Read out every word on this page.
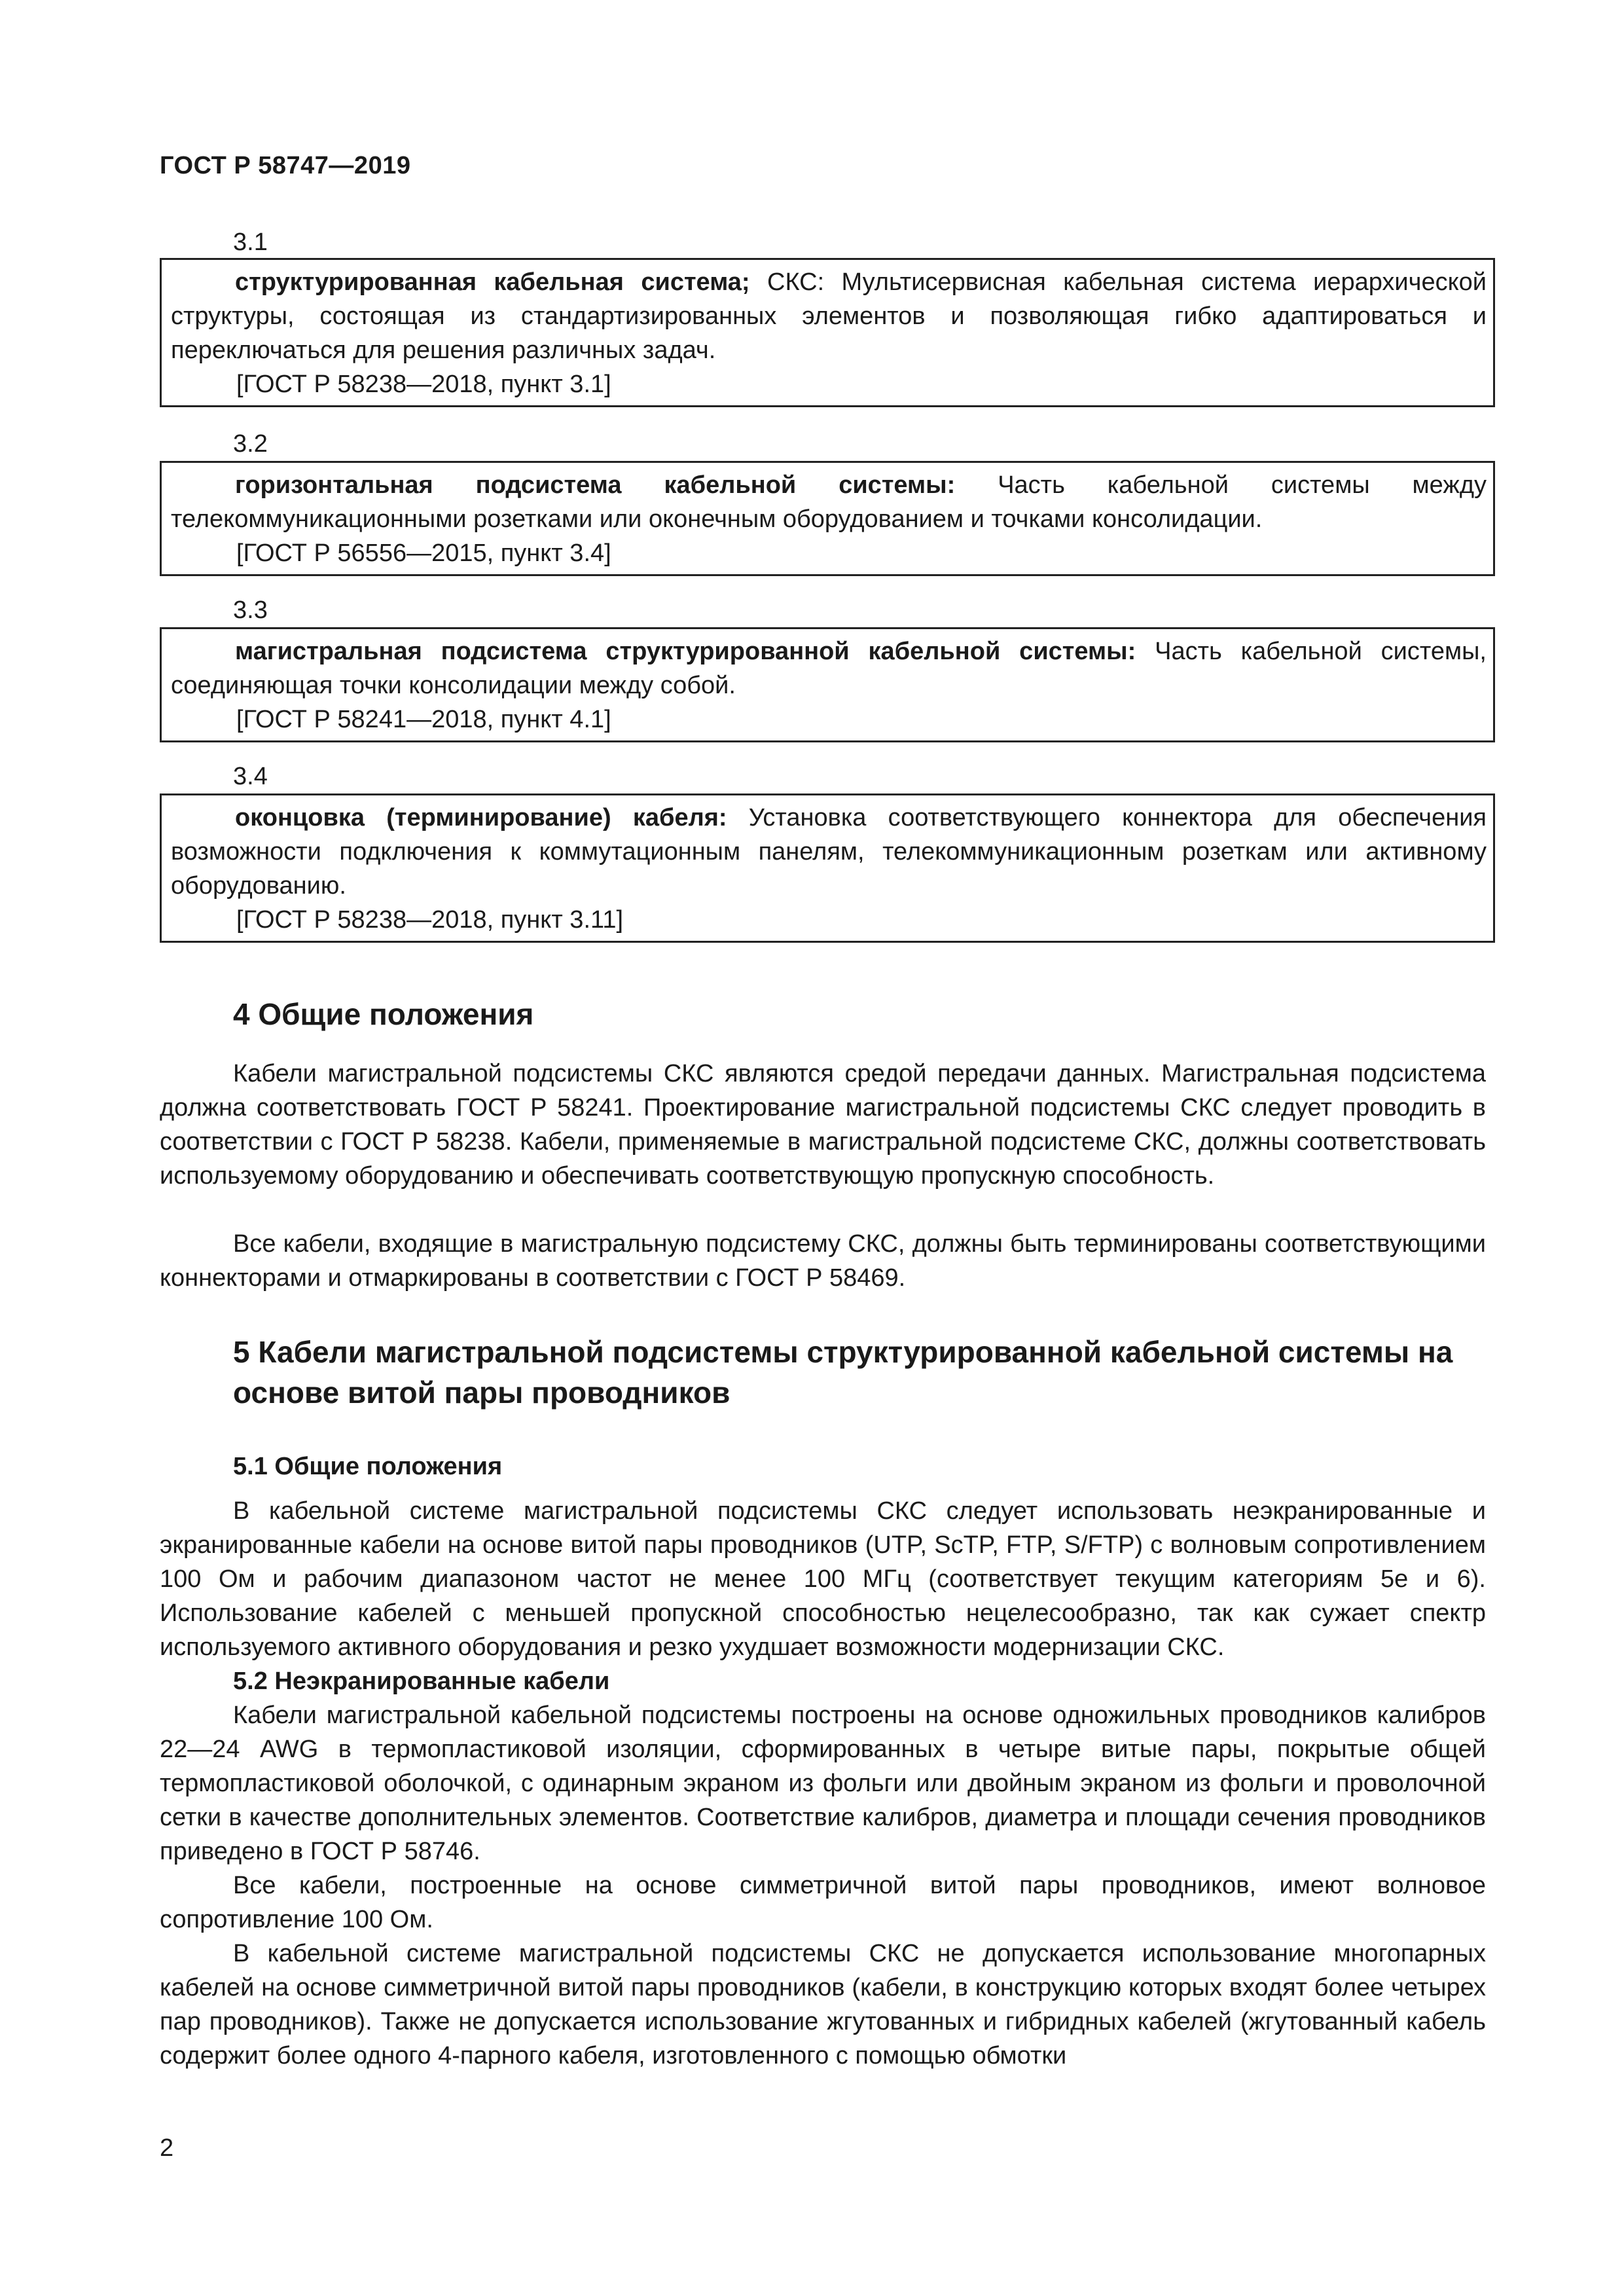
ГОСТ Р 58747—2019
3.1
структурированная кабельная система; СКС: Мультисервисная кабельная система иерархической структуры, состоящая из стандартизированных элементов и позволяющая гибко адаптироваться и переключаться для решения различных задач.
[ГОСТ Р 58238—2018, пункт 3.1]
3.2
горизонтальная подсистема кабельной системы: Часть кабельной системы между телекоммуникационными розетками или оконечным оборудованием и точками консолидации.
[ГОСТ Р 56556—2015, пункт 3.4]
3.3
магистральная подсистема структурированной кабельной системы: Часть кабельной системы, соединяющая точки консолидации между собой.
[ГОСТ Р 58241—2018, пункт 4.1]
3.4
оконцовка (терминирование) кабеля: Установка соответствующего коннектора для обеспечения возможности подключения к коммутационным панелям, телекоммуникационным розеткам или активному оборудованию.
[ГОСТ Р 58238—2018, пункт 3.11]
4 Общие положения
Кабели магистральной подсистемы СКС являются средой передачи данных. Магистральная подсистема должна соответствовать ГОСТ Р 58241. Проектирование магистральной подсистемы СКС следует проводить в соответствии с ГОСТ Р 58238. Кабели, применяемые в магистральной подсистеме СКС, должны соответствовать используемому оборудованию и обеспечивать соответствующую пропускную способность.
Все кабели, входящие в магистральную подсистему СКС, должны быть терминированы соответствующими коннекторами и отмаркированы в соответствии с ГОСТ Р 58469.
5 Кабели магистральной подсистемы структурированной кабельной системы на основе витой пары проводников
5.1 Общие положения
В кабельной системе магистральной подсистемы СКС следует использовать неэкранированные и экранированные кабели на основе витой пары проводников (UTP, ScTP, FTP, S/FTP) с волновым сопротивлением 100 Ом и рабочим диапазоном частот не менее 100 МГц (соответствует текущим категориям 5е и 6). Использование кабелей с меньшей пропускной способностью нецелесообразно, так как сужает спектр используемого активного оборудования и резко ухудшает возможности модернизации СКС.
5.2 Неэкранированные кабели
Кабели магистральной кабельной подсистемы построены на основе одножильных проводников калибров 22—24 AWG в термопластиковой изоляции, сформированных в четыре витые пары, покрытые общей термопластиковой оболочкой, с одинарным экраном из фольги или двойным экраном из фольги и проволочной сетки в качестве дополнительных элементов. Соответствие калибров, диаметра и площади сечения проводников приведено в ГОСТ Р 58746.
Все кабели, построенные на основе симметричной витой пары проводников, имеют волновое сопротивление 100 Ом.
В кабельной системе магистральной подсистемы СКС не допускается использование многопарных кабелей на основе симметричной витой пары проводников (кабели, в конструкцию которых входят более четырех пар проводников). Также не допускается использование жгутованных и гибридных кабелей (жгутованный кабель содержит более одного 4-парного кабеля, изготовленного с помощью обмотки
2
